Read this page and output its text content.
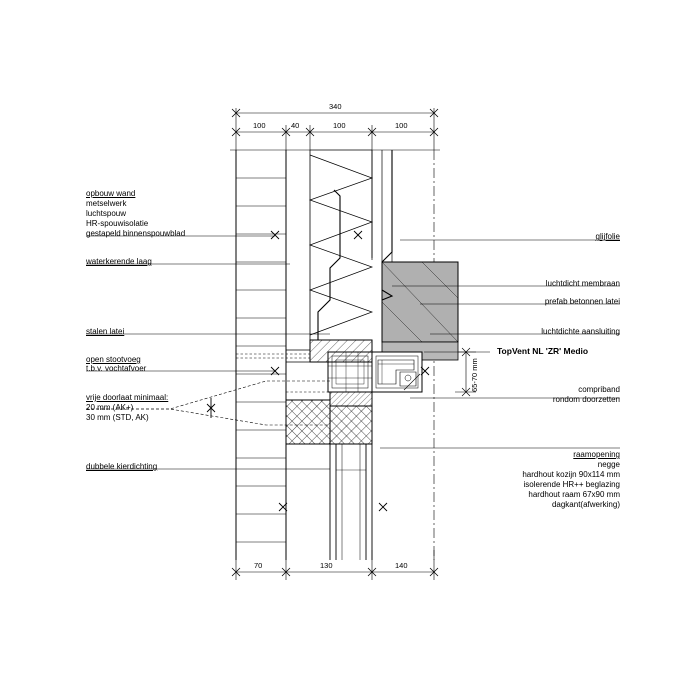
340
100	40	100	100
70	130	140
65-70 mm
opbouw wand
metselwerk
luchtspouw
HR-spouwisolatie
gestapeld binnenspouwblad
waterkerende laag
stalen latei
open stootvoeg
t.b.v. vochtafvoer
vrije doorlaat minimaal:
20 mm (AK+)
30 mm (STD, AK)
dubbele kierdichting
glijfolie
luchtdicht membraan
prefab betonnen latei
luchtdichte aansluiting
TopVent NL 'ZR' Medio
compriband
rondom doorzetten
raamopening
negge
hardhout kozijn 90x114 mm
isolerende HR++ beglazing
hardhout raam 67x90 mm
dagkant(afwerking)
